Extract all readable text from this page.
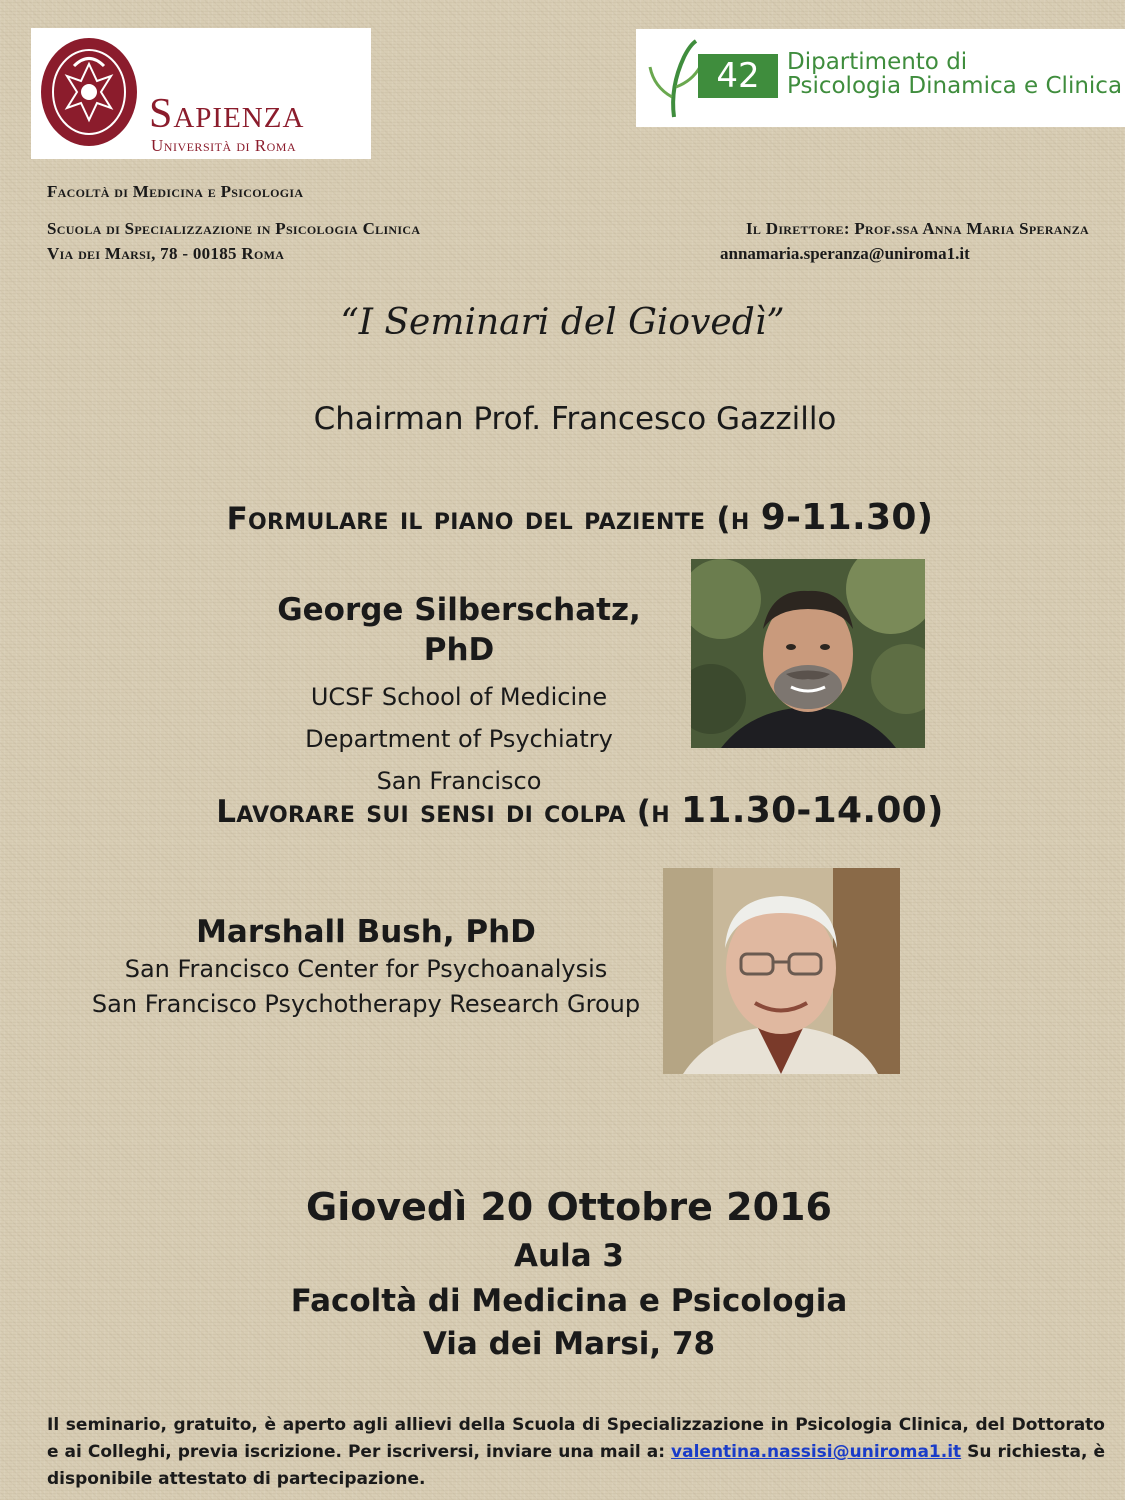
Sapienza
Università di Roma
42	Dipartimento di
Psicologia Dinamica e Clinica
Facoltà di Medicina e Psicologia
Scuola di Specializzazione in Psicologia Clinica
Via dei Marsi, 78 - 00185 Roma
Il Direttore: Prof.ssa Anna Maria Speranza
annamaria.speranza@uniroma1.it
“I Seminari del Giovedì”
Chairman Prof. Francesco Gazzillo
Formulare il piano del paziente (h 9-11.30)
George Silberschatz, PhD
UCSF School of Medicine
Department of Psychiatry
San Francisco
Lavorare sui sensi di colpa (h 11.30-14.00)
Marshall Bush, PhD
San Francisco Center for Psychoanalysis
San Francisco Psychotherapy Research Group
Giovedì 20 Ottobre 2016
Aula 3
Facoltà di Medicina e Psicologia
Via dei Marsi, 78
Il seminario, gratuito, è aperto agli allievi della Scuola di Specializzazione in Psicologia Clinica, del Dottorato e ai Colleghi, previa iscrizione. Per iscriversi, inviare una mail a: valentina.nassisi@uniroma1.it Su richiesta, è disponibile attestato di partecipazione.
